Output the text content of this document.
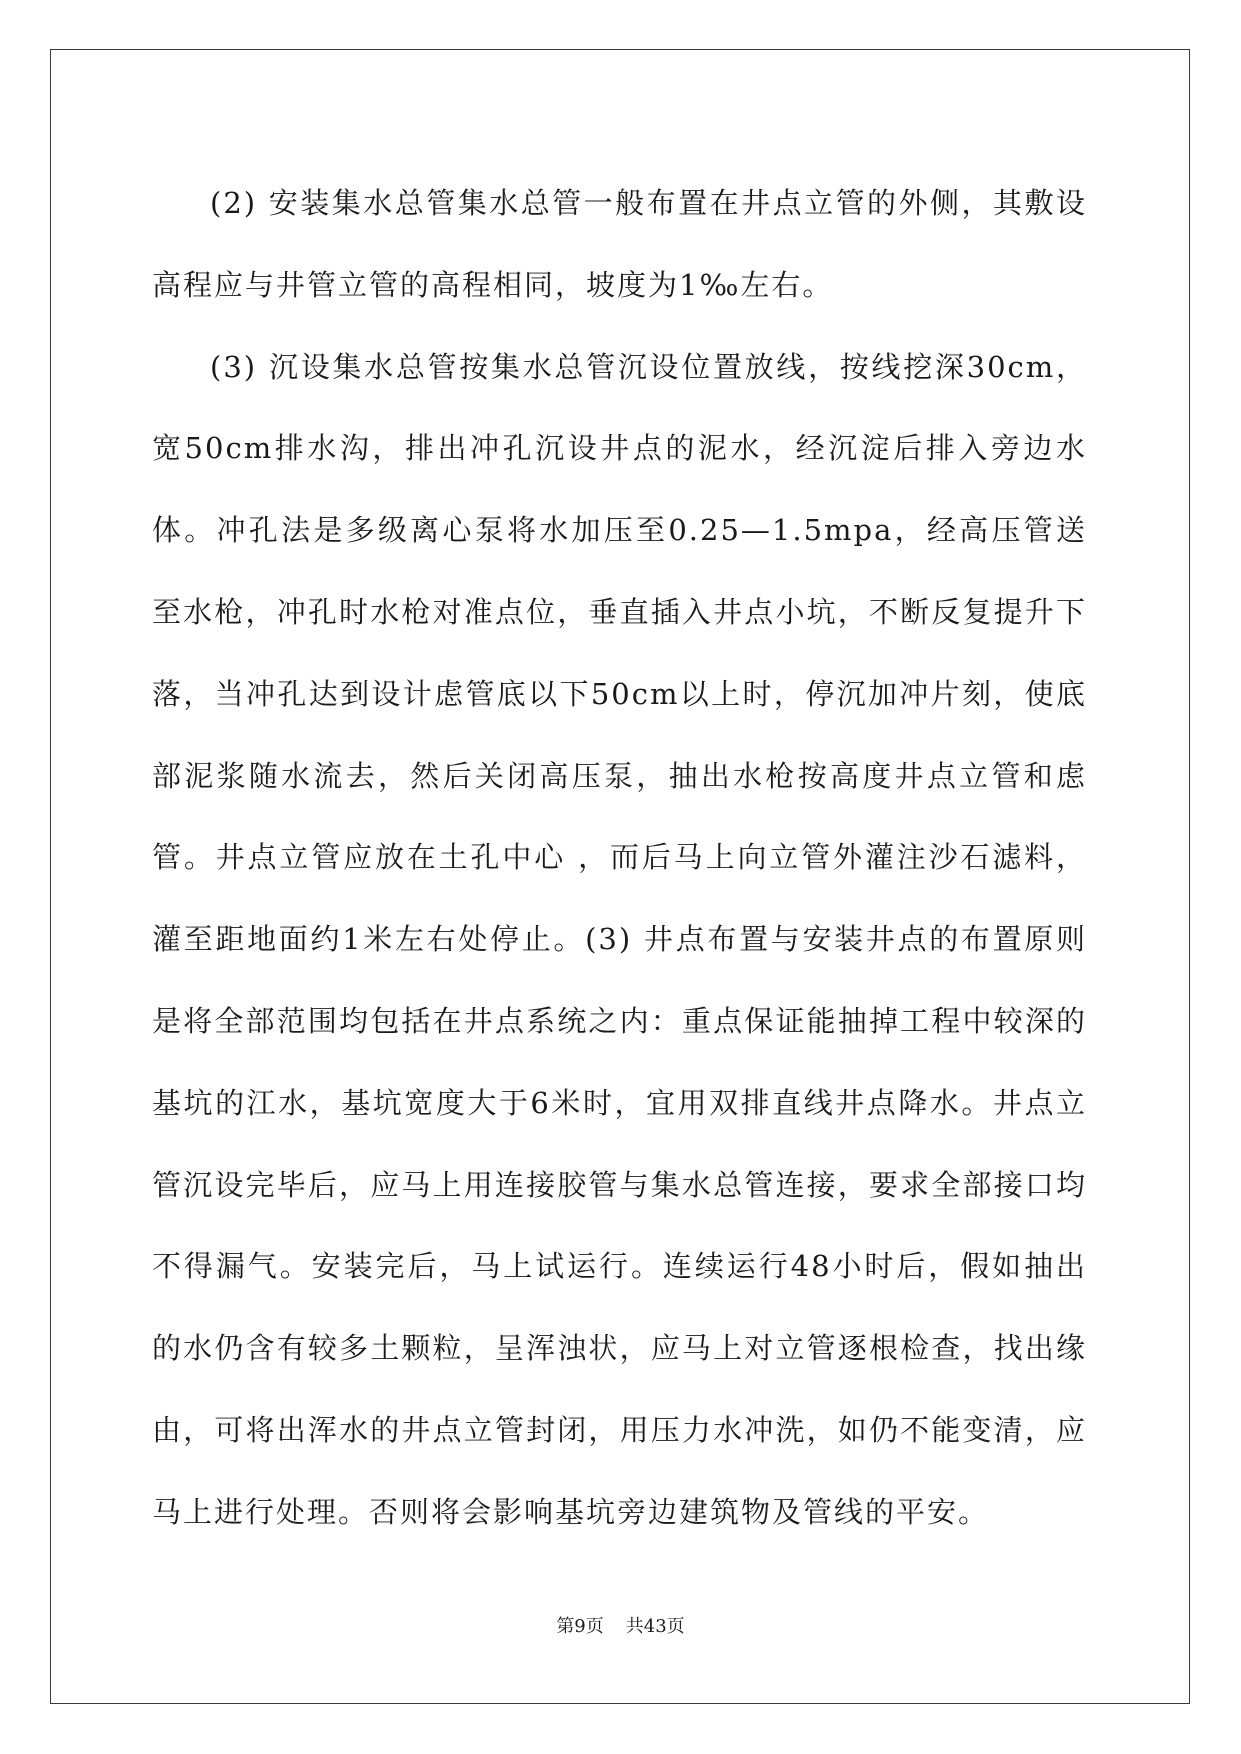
(2) 安装集水总管集水总管一般布置在井点立管的外侧，其敷设高程应与井管立管的高程相同，坡度为1‰左右。

(3) 沉设集水总管按集水总管沉设位置放线，按线挖深30cm，宽50cm排水沟，排出冲孔沉设井点的泥水，经沉淀后排入旁边水体。冲孔法是多级离心泵将水加压至0.25—1.5mpa，经高压管送至水枪，冲孔时水枪对准点位，垂直插入井点小坑，不断反复提升下落，当冲孔达到设计虑管底以下50cm以上时，停沉加冲片刻，使底部泥浆随水流去，然后关闭高压泵，抽出水枪按高度井点立管和虑管。井点立管应放在土孔中心 ，而后马上向立管外灌注沙石滤料，灌至距地面约1米左右处停止。(3) 井点布置与安装井点的布置原则是将全部范围均包括在井点系统之内：重点保证能抽掉工程中较深的基坑的江水，基坑宽度大于6米时，宜用双排直线井点降水。井点立管沉设完毕后，应马上用连接胶管与集水总管连接，要求全部接口均不得漏气。安装完后，马上试运行。连续运行48小时后，假如抽出的水仍含有较多土颗粒，呈浑浊状，应马上对立管逐根检查，找出缘由，可将出浑水的井点立管封闭，用压力水冲洗，如仍不能变清，应马上进行处理。否则将会影响基坑旁边建筑物及管线的平安。

第9页 共43页
